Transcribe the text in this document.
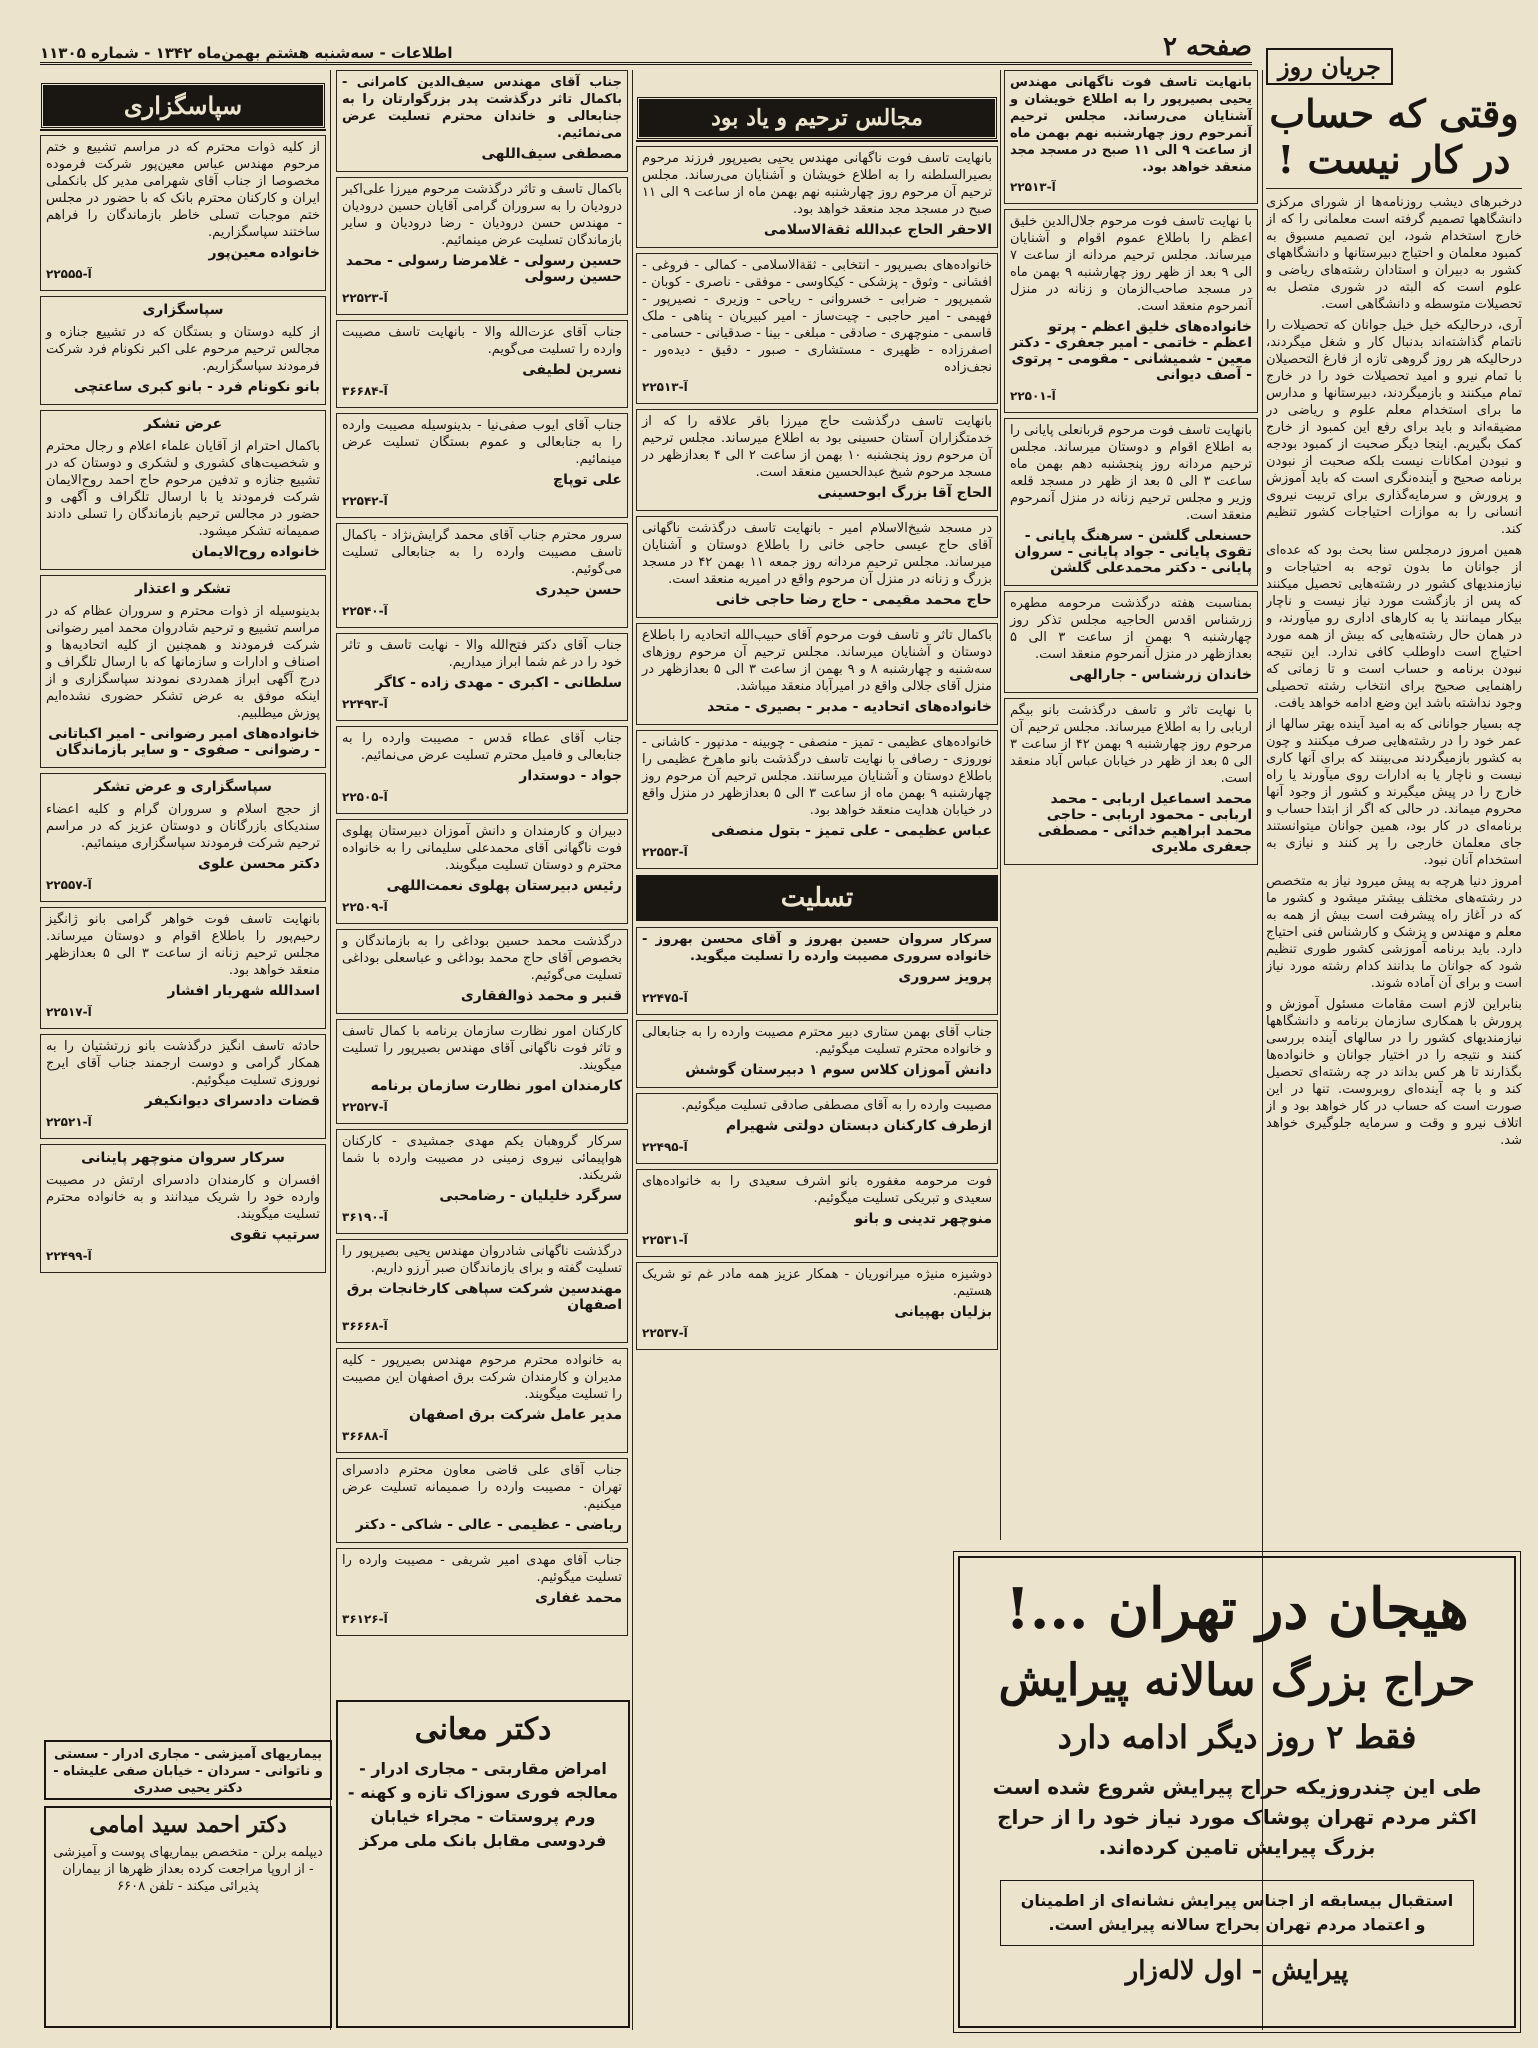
صفحه ۲
اطلاعات - سه‌شنبه هشتم بهمن‌ماه ۱۳۴۲ - شماره ۱۱۳۰۵	جریان روز
وقتی که حساب در کار نیست !

درخبرهای دیشب روزنامه‌ها از شورای مرکزی دانشگاهها تصمیم گرفته است معلمانی را که از خارج استخدام شود، این تصمیم مسبوق به کمبود معلمان و احتیاج دبیرستانها و دانشگاههای کشور به دبیران و استادان رشته‌های ریاضی و علوم است که البته در شوری متصل به تحصیلات متوسطه و دانشگاهی است.

آری، درحالیکه خیل خیل جوانان که تحصیلات را ناتمام گذاشته‌اند بدنبال کار و شغل میگردند، درحالیکه هر روز گروهی تازه از فارغ التحصیلان با تمام نیرو و امید تحصیلات خود را در خارج تمام میکنند و بازمیگردند، دبیرستانها و مدارس ما برای استخدام معلم علوم و ریاضی در مضیقه‌اند و باید برای رفع این کمبود از خارج کمک بگیریم. اینجا دیگر صحبت از کمبود بودجه و نبودن امکانات نیست بلکه صحبت از نبودن برنامه صحیح و آینده‌نگری است که باید آموزش و پرورش و سرمایه‌گذاری برای تربیت نیروی انسانی را به موازات احتیاجات کشور تنظیم کند.

همین امروز درمجلس سنا بحث بود که عده‌ای از جوانان ما بدون توجه به احتیاجات و نیازمندیهای کشور در رشته‌هایی تحصیل میکنند که پس از بازگشت مورد نیاز نیست و ناچار بیکار میمانند یا به کارهای اداری رو میآورند، و در همان حال رشته‌هایی که بیش از همه مورد احتیاج است داوطلب کافی ندارد. این نتیجه نبودن برنامه و حساب است و تا زمانی که راهنمایی صحیح برای انتخاب رشته تحصیلی وجود نداشته باشد این وضع ادامه خواهد یافت.

چه بسیار جوانانی که به امید آینده بهتر سالها از عمر خود را در رشته‌هایی صرف میکنند و چون به کشور بازمیگردند می‌بینند که برای آنها کاری نیست و ناچار یا به ادارات روی میآورند یا راه خارج را در پیش میگیرند و کشور از وجود آنها محروم میماند. در حالی که اگر از ابتدا حساب و برنامه‌ای در کار بود، همین جوانان میتوانستند جای معلمان خارجی را پر کنند و نیازی به استخدام آنان نبود.

امروز دنیا هرچه به پیش میرود نیاز به متخصص در رشته‌های مختلف بیشتر میشود و کشور ما که در آغاز راه پیشرفت است بیش از همه به معلم و مهندس و پزشک و کارشناس فنی احتیاج دارد. باید برنامه آموزشی کشور طوری تنظیم شود که جوانان ما بدانند کدام رشته مورد نیاز است و برای آن آماده شوند.

بنابراین لازم است مقامات مسئول آموزش و پرورش با همکاری سازمان برنامه و دانشگاهها نیازمندیهای کشور را در سالهای آینده بررسی کنند و نتیجه را در اختیار جوانان و خانواده‌ها بگذارند تا هر کس بداند در چه رشته‌ای تحصیل کند و با چه آینده‌ای روبروست. تنها در این صورت است که حساب در کار خواهد بود و از اتلاف نیرو و وقت و سرمایه جلوگیری خواهد شد.

بانهایت تاسف فوت ناگهانی مهندس یحیی بصیرپور را به اطلاع خویشان و آشنایان می‌رساند. مجلس ترحیم آنمرحوم روز چهارشنبه نهم بهمن ماه از ساعت ۹ الی ۱۱ صبح در مسجد مجد منعقد خواهد بود.
آ-۲۲۵۱۳
با نهایت تاسف فوت مرحوم جلال‌الدین خلیق اعظم را باطلاع عموم اقوام و آشنایان میرساند. مجلس ترحیم مردانه از ساعت ۷ الی ۹ بعد از ظهر روز چهارشنبه ۹ بهمن ماه در مسجد صاحب‌الزمان و زنانه در منزل آنمرحوم منعقد است.
خانواده‌های خلیق اعظم - پرتو اعظم - خاتمی - امیر جعفری - دکتر معین - شمیشانی - مقومی - پرتوی - آصف دیوانی
آ-۲۲۵۰۱
بانهایت تاسف فوت مرحوم قربانعلی پایانی را به اطلاع اقوام و دوستان میرساند. مجلس ترحیم مردانه روز پنجشنبه دهم بهمن ماه ساعت ۳ الی ۵ بعد از ظهر در مسجد قلعه وزیر و مجلس ترحیم زنانه در منزل آنمرحوم منعقد است.
حسنعلی گلشن - سرهنگ پایانی - تقوی پایانی - جواد پایانی - سروان پایانی - دکتر محمدعلی گلشن
بمناسبت هفته درگذشت مرحومه مطهره زرشناس اقدس الحاجیه مجلس تذکر روز چهارشنبه ۹ بهمن از ساعت ۳ الی ۵ بعدازظهر در منزل آنمرحوم منعقد است.
خاندان زرشناس - جارالهی
با نهایت تاثر و تاسف درگذشت بانو بیگم اربابی را به اطلاع میرساند. مجلس ترحیم آن مرحوم روز چهارشنبه ۹ بهمن ۴۲ از ساعت ۳ الی ۵ بعد از ظهر در خیابان عباس آباد منعقد است.
محمد اسماعیل اربابی - محمد اربابی - محمود اربابی - حاجی محمد ابراهیم خدائی - مصطفی جعفری ملایری
مجالس ترحیم و یاد بود
بانهایت تاسف فوت ناگهانی مهندس یحیی بصیرپور فرزند مرحوم بصیرالسلطنه را به اطلاع خویشان و آشنایان می‌رساند. مجلس ترحیم آن مرحوم روز چهارشنبه نهم بهمن ماه از ساعت ۹ الی ۱۱ صبح در مسجد مجد منعقد خواهد بود.
الاحقر الحاج عبدالله ثقةالاسلامی
خانواده‌های بصیرپور - انتخابی - ثقةالاسلامی - کمالی - فروغی - افشانی - وثوق - پزشکی - کیکاوسی - موفقی - ناصری - کوبان - شمیرپور - ضرابی - خسروانی - ریاحی - وزیری - نصیرپور - فهیمی - امیر حاجبی - چیت‌ساز - امیر کبیریان - پناهی - ملک قاسمی - منوچهری - صادقی - مبلغی - بینا - صدقیانی - حسامی - اصفرزاده - ظهیری - مستشاری - صبور - دقیق - دیده‌ور - نجف‌زاده
آ-۲۲۵۱۳
بانهایت تاسف درگذشت حاج میرزا باقر علاقه را که از خدمتگزاران آستان حسینی بود به اطلاع میرساند. مجلس ترحیم آن مرحوم روز پنجشنبه ۱۰ بهمن از ساعت ۲ الی ۴ بعدازظهر در مسجد مرحوم شیخ عبدالحسین منعقد است.
الحاج آقا بزرگ ابوحسینی
در مسجد شیخ‌الاسلام امیر - بانهایت تاسف درگذشت ناگهانی آقای حاج عیسی حاجی خانی را باطلاع دوستان و آشنایان میرساند. مجلس ترحیم مردانه روز جمعه ۱۱ بهمن ۴۲ در مسجد بزرگ و زنانه در منزل آن مرحوم واقع در امیریه منعقد است.
حاج محمد مقیمی - حاج رضا حاجی خانی
باکمال تاثر و تاسف فوت مرحوم آقای حبیب‌الله اتحادیه را باطلاع دوستان و آشنایان میرساند. مجلس ترحیم آن مرحوم روزهای سه‌شنبه و چهارشنبه ۸ و ۹ بهمن از ساعت ۳ الی ۵ بعدازظهر در منزل آقای جلالی واقع در امیرآباد منعقد میباشد.
خانواده‌های اتحادیه - مدبر - بصیری - متحد
خانواده‌های عظیمی - تمیز - منصفی - چوبینه - مدنپور - کاشانی - نوروزی - رصافی با نهایت تاسف درگذشت بانو ماهرخ عظیمی را باطلاع دوستان و آشنایان میرسانند. مجلس ترحیم آن مرحوم روز چهارشنبه ۹ بهمن ماه از ساعت ۳ الی ۵ بعدازظهر در منزل واقع در خیابان هدایت منعقد خواهد بود.
عباس عظیمی - علی تمیز - بتول منصفی
آ-۲۲۵۵۳
تسلیت
سرکار سروان حسین بهروز و آقای محسن بهروز - خانواده سروری مصیبت وارده را تسلیت میگوید.
پرویز سروری
آ-۲۲۴۷۵
جناب آقای بهمن ستاری دبیر محترم مصیبت وارده را به جنابعالی و خانواده محترم تسلیت میگوئیم.
دانش آموزان کلاس سوم ۱ دبیرستان گوشش
مصیبت وارده را به آقای مصطفی صادقی تسلیت میگوئیم.
ازطرف کارکنان دبستان دولتی شهیرام
آ-۲۲۴۹۵
فوت مرحومه مغفوره بانو اشرف سعیدی را به خانواده‌های سعیدی و تبریکی تسلیت میگوئیم.
منوچهر تدینی و بانو
آ-۲۲۵۳۱
دوشیزه منیژه میرانوریان - همکار عزیز همه مادر غم تو شریک هستیم.
بزلیان بهپیانی
آ-۲۲۵۳۷
جناب آقای مهندس سیف‌الدین کامرانی - باکمال تاثر درگذشت پدر بزرگوارتان را به جنابعالی و خاندان محترم تسلیت عرض می‌نمائیم.
مصطفی سیف‌اللهی
باکمال تاسف و تاثر درگذشت مرحوم میرزا علی‌اکبر درودیان را به سروران گرامی آقایان حسین درودیان - مهندس حسن درودیان - رضا درودیان و سایر بازماندگان تسلیت عرض مینمائیم.
حسین رسولی - غلامرضا رسولی - محمد حسین رسولی
آ-۲۲۵۲۳
جناب آقای عزت‌الله والا - بانهایت تاسف مصیبت وارده را تسلیت می‌گویم.
نسرین لطیفی
آ-۳۶۶۸۴
جناب آقای ایوب صفی‌نیا - بدینوسیله مصیبت وارده را به جنابعالی و عموم بستگان تسلیت عرض مینمائیم.
علی توپاچ
آ-۲۲۵۴۲
سرور محترم جناب آقای محمد گرایش‌نژاد - باکمال تاسف مصیبت وارده را به جنابعالی تسلیت می‌گوئیم.
حسن حیدری
آ-۲۲۵۴۰
جناب آقای دکتر فتح‌الله والا - نهایت تاسف و تاثر خود را در غم شما ابراز میداریم.
سلطانی - اکبری - مهدی زاده - کاگر
آ-۲۲۴۹۳
جناب آقای عطاء قدس - مصیبت وارده را به جنابعالی و فامیل محترم تسلیت عرض می‌نمائیم.
جواد - دوستدار
آ-۲۲۵۰۵
دبیران و کارمندان و دانش آموزان دبیرستان پهلوی فوت ناگهانی آقای محمدعلی سلیمانی را به خانواده محترم و دوستان تسلیت میگویند.
رئیس دبیرستان پهلوی نعمت‌اللهی
آ-۲۲۵۰۹
درگذشت محمد حسین بوداغی را به بازماندگان و بخصوص آقای حاج محمد بوداغی و عباسعلی بوداغی تسلیت می‌گوئیم.
قنبر و محمد ذوالفقاری
کارکنان امور نظارت سازمان برنامه با کمال تاسف و تاثر فوت ناگهانی آقای مهندس بصیرپور را تسلیت میگویند.
کارمندان امور نظارت سازمان برنامه
آ-۲۲۵۲۷
سرکار گروهبان یکم مهدی جمشیدی - کارکنان هواپیمائی نیروی زمینی در مصیبت وارده با شما شریکند.
سرگرد خلیلیان - رضامحبی
آ-۳۶۱۹۰
درگذشت ناگهانی شادروان مهندس یحیی بصیرپور را تسلیت گفته و برای بازماندگان صبر آرزو داریم.
مهندسین شرکت سپاهی کارخانجات برق اصفهان
آ-۳۶۶۶۸
به خانواده محترم مرحوم مهندس بصیرپور - کلیه مدیران و کارمندان شرکت برق اصفهان این مصیبت را تسلیت میگویند.
مدیر عامل شرکت برق اصفهان
آ-۳۶۶۸۸
جناب آقای علی قاضی معاون محترم دادسرای تهران - مصیبت وارده را صمیمانه تسلیت عرض میکنیم.
ریاضی - عظیمی - عالی - شاکی - دکتر
جناب آقای مهدی امیر شریفی - مصیبت وارده را تسلیت میگوئیم.
محمد غفاری
آ-۳۶۱۲۶
سپاسگزاری
از کلیه ذوات محترم که در مراسم تشییع و ختم مرحوم مهندس عباس معین‌پور شرکت فرموده مخصوصا از جناب آقای شهرامی مدیر کل بانکملی ایران و کارکنان محترم بانک که با حضور در مجلس ختم موجبات تسلی خاطر بازماندگان را فراهم ساختند سپاسگزاریم.
خانواده معین‌پور
آ-۲۲۵۵۵
سپاسگزاری
از کلیه دوستان و بستگان که در تشییع جنازه و مجالس ترحیم مرحوم علی اکبر نکونام فرد شرکت فرمودند سپاسگزاریم.
بانو نکونام فرد - بانو کبری ساعتچی
عرض تشکر
باکمال احترام از آقایان علماء اعلام و رجال محترم و شخصیت‌های کشوری و لشکری و دوستان که در تشییع جنازه و تدفین مرحوم حاج احمد روح‌الایمان شرکت فرمودند یا با ارسال تلگراف و آگهی و حضور در مجالس ترحیم بازماندگان را تسلی دادند صمیمانه تشکر میشود.
خانواده روح‌الایمان
تشکر و اعتذار
بدینوسیله از ذوات محترم و سروران عظام که در مراسم تشییع و ترحیم شادروان محمد امیر رضوانی شرکت فرمودند و همچنین از کلیه اتحادیه‌ها و اصناف و ادارات و سازمانها که با ارسال تلگراف و درج آگهی ابراز همدردی نمودند سپاسگزاری و از اینکه موفق به عرض تشکر حضوری نشده‌ایم پوزش میطلبیم.
خانواده‌های امیر رضوانی - امیر اکباتانی - رضوانی - صفوی - و سایر بازماندگان
سپاسگزاری و عرض تشکر
از حجج اسلام و سروران گرام و کلیه اعضاء سندیکای بازرگانان و دوستان عزیز که در مراسم ترحیم شرکت فرمودند سپاسگزاری مینمائیم.
دکتر محسن علوی
آ-۲۲۵۵۷
بانهایت تاسف فوت خواهر گرامی بانو ژانگیز رحیم‌پور را باطلاع اقوام و دوستان میرساند. مجلس ترحیم زنانه از ساعت ۳ الی ۵ بعدازظهر منعقد خواهد بود.
اسدالله شهریار افشار
آ-۲۲۵۱۷
حادثه تاسف انگیز درگذشت بانو زرتشتیان را به همکار گرامی و دوست ارجمند جناب آقای ایرج نوروزی تسلیت میگوئیم.
قضات دادسرای دیوانکیفر
آ-۲۲۵۲۱
سرکار سروان منوچهر پاینانی
افسران و کارمندان دادسرای ارتش در مصیبت وارده خود را شریک میدانند و به خانواده محترم تسلیت میگویند.
سرتیپ تقوی
آ-۲۲۴۹۹
بیماریهای آمیزشی - مجاری ادرار - سستی و ناتوانی - سردان - خیابان صفی علیشاه - دکتر یحیی صدری
دکتر احمد سید امامی
دیپلمه برلن - متخصص بیماریهای پوست و آمیزشی - از اروپا مراجعت کرده بعداز ظهرها از بیماران پذیرائی میکند - تلفن ۶۶۰۸
دکتر معانی
امراض مقاربتی - مجاری ادرار - معالجه فوری سوزاک تازه و کهنه - ورم پروستات - مجراء خیابان فردوسی مقابل بانک ملی مرکز
هیجان در تهران ...!
حراج بزرگ سالانه پیرایش
فقط ۲ روز دیگر ادامه دارد
طی این چندروزیکه حراج پیرایش شروع شده است اکثر مردم تهران پوشاک مورد نیاز خود را از حراج بزرگ پیرایش تامین کرده‌اند.
استقبال بیسابقه از اجناس پیرایش نشانه‌ای از اطمینان و اعتماد مردم تهران بحراج سالانه پیرایش است.
پیرایش - اول لاله‌زار
